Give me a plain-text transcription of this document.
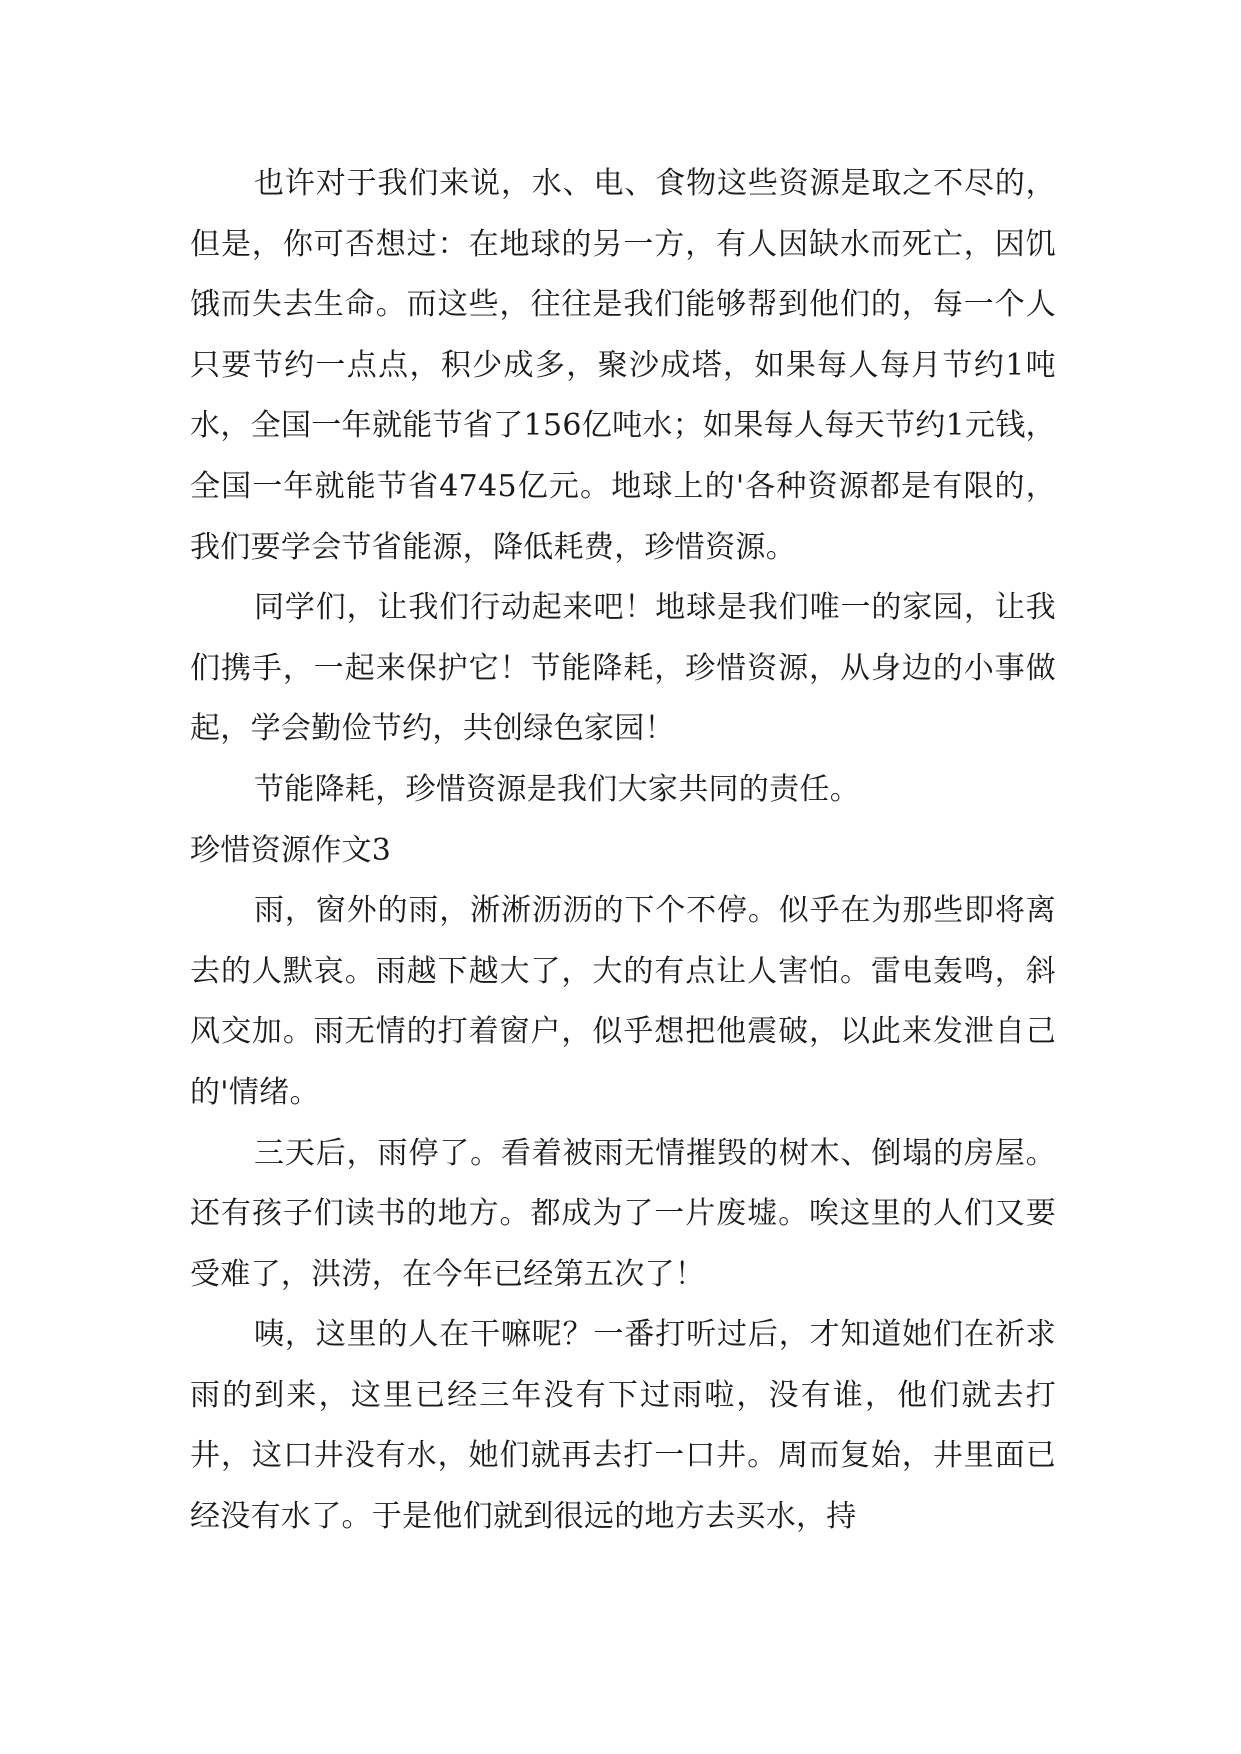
也许对于我们来说，水、电、食物这些资源是取之不尽的，但是，你可否想过：在地球的另一方，有人因缺水而死亡，因饥饿而失去生命。而这些，往往是我们能够帮到他们的，每一个人只要节约一点点，积少成多，聚沙成塔，如果每人每月节约1吨水，全国一年就能节省了156亿吨水；如果每人每天节约1元钱，全国一年就能节省4745亿元。地球上的'各种资源都是有限的，我们要学会节省能源，降低耗费，珍惜资源。

同学们，让我们行动起来吧！地球是我们唯一的家园，让我们携手，一起来保护它！节能降耗，珍惜资源，从身边的小事做起，学会勤俭节约，共创绿色家园！

节能降耗，珍惜资源是我们大家共同的责任。

珍惜资源作文3

雨，窗外的雨，淅淅沥沥的下个不停。似乎在为那些即将离去的人默哀。雨越下越大了，大的有点让人害怕。雷电轰鸣，斜风交加。雨无情的打着窗户，似乎想把他震破，以此来发泄自己的'情绪。

三天后，雨停了。看着被雨无情摧毁的树木、倒塌的房屋。还有孩子们读书的地方。都成为了一片废墟。唉这里的人们又要受难了，洪涝，在今年已经第五次了！

咦，这里的人在干嘛呢？一番打听过后，才知道她们在祈求雨的到来，这里已经三年没有下过雨啦，没有谁，他们就去打井，这口井没有水，她们就再去打一口井。周而复始，井里面已经没有水了。于是他们就到很远的地方去买水，持
